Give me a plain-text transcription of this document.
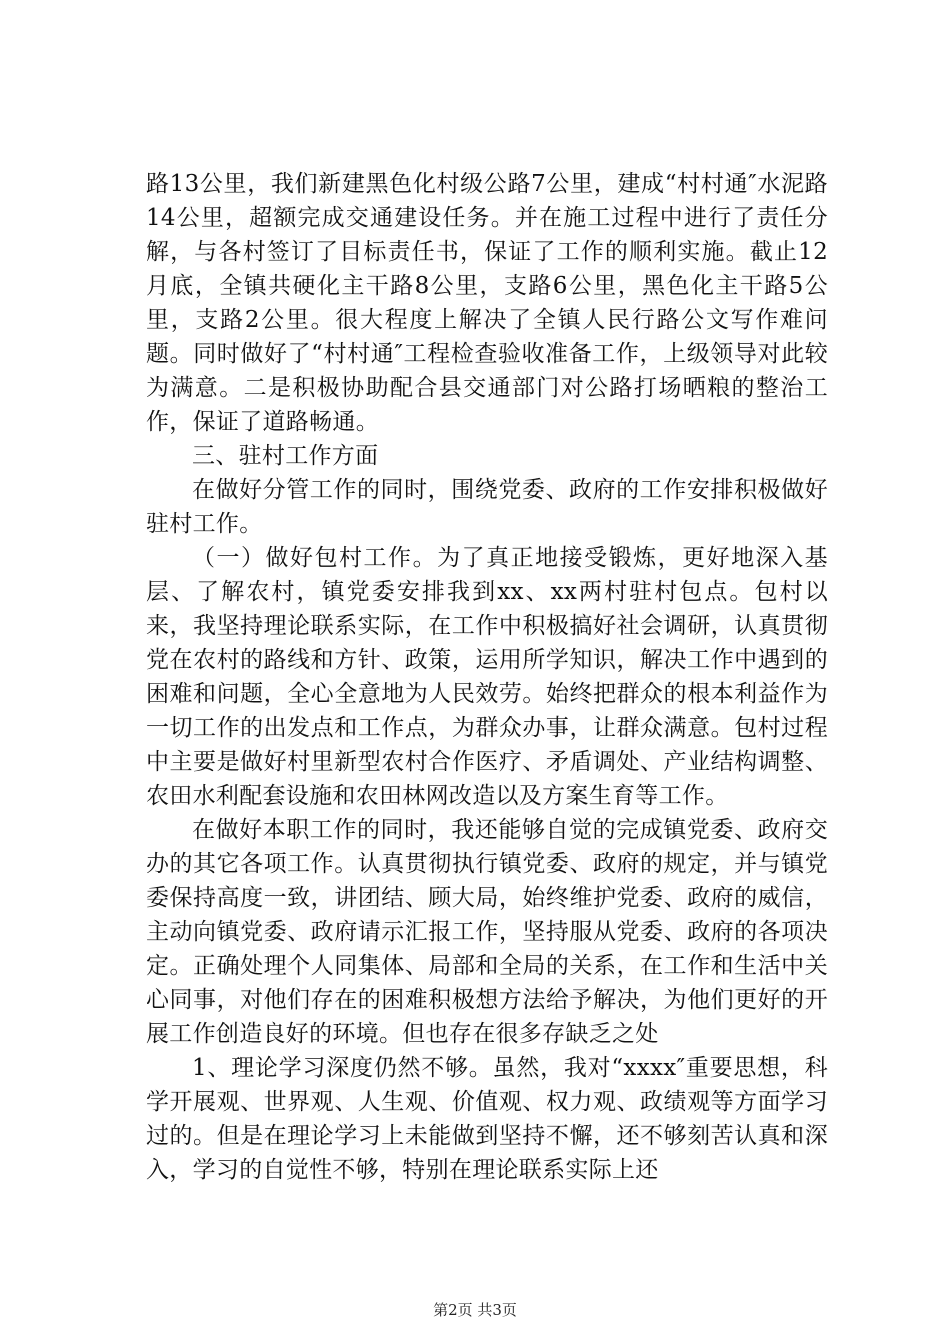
路13公里，我们新建黑色化村级公路7公里，建成“村村通″水泥路14公里，超额完成交通建设任务。并在施工过程中进行了责任分解，与各村签订了目标责任书，保证了工作的顺利实施。截止12月底，全镇共硬化主干路8公里，支路6公里，黑色化主干路5公里，支路2公里。很大程度上解决了全镇人民行路公文写作难问题。同时做好了“村村通″工程检查验收准备工作，上级领导对此较为满意。二是积极协助配合县交通部门对公路打场晒粮的整治工作，保证了道路畅通。

三、驻村工作方面

在做好分管工作的同时，围绕党委、政府的工作安排积极做好驻村工作。

（一）做好包村工作。为了真正地接受锻炼，更好地深入基层、了解农村，镇党委安排我到xx、xx两村驻村包点。包村以来，我坚持理论联系实际，在工作中积极搞好社会调研，认真贯彻党在农村的路线和方针、政策，运用所学知识，解决工作中遇到的困难和问题，全心全意地为人民效劳。始终把群众的根本利益作为一切工作的出发点和工作点，为群众办事，让群众满意。包村过程中主要是做好村里新型农村合作医疗、矛盾调处、产业结构调整、农田水利配套设施和农田林网改造以及方案生育等工作。

在做好本职工作的同时，我还能够自觉的完成镇党委、政府交办的其它各项工作。认真贯彻执行镇党委、政府的规定，并与镇党委保持高度一致，讲团结、顾大局，始终维护党委、政府的威信，主动向镇党委、政府请示汇报工作，坚持服从党委、政府的各项决定。正确处理个人同集体、局部和全局的关系，在工作和生活中关心同事，对他们存在的困难积极想方法给予解决，为他们更好的开展工作创造良好的环境。但也存在很多存缺乏之处

1、理论学习深度仍然不够。虽然，我对“xxxx″重要思想，科学开展观、世界观、人生观、价值观、权力观、政绩观等方面学习过的。但是在理论学习上未能做到坚持不懈，还不够刻苦认真和深入，学习的自觉性不够，特别在理论联系实际上还

第2页 共3页
